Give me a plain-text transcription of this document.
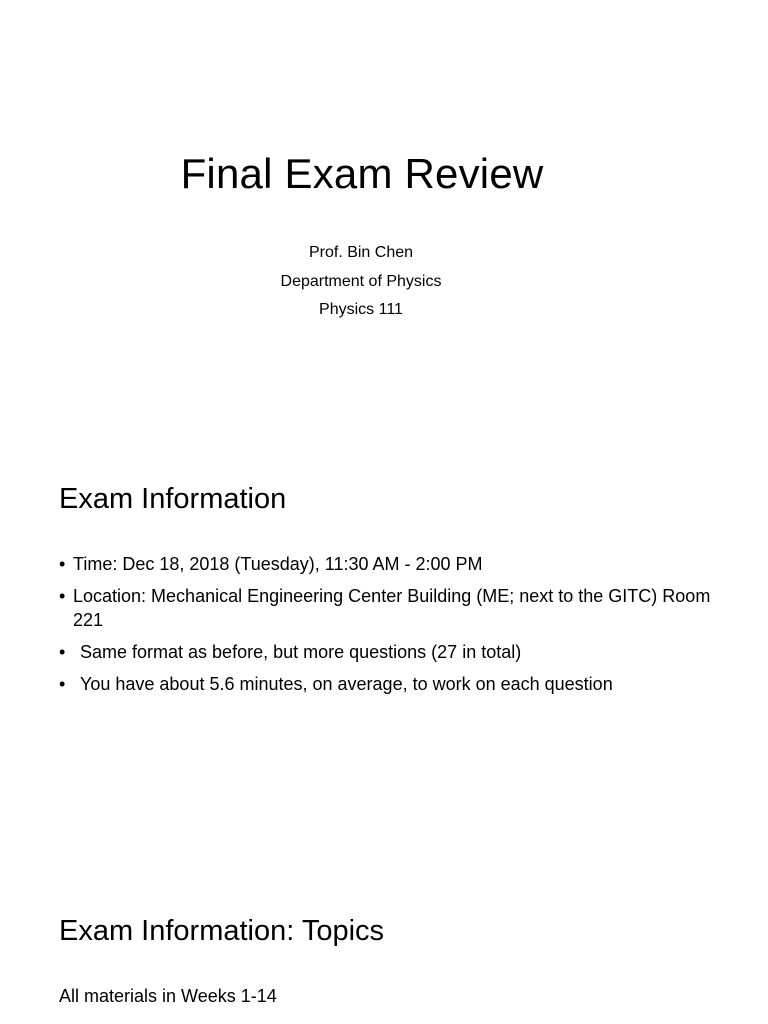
Final Exam Review
Prof. Bin Chen
Department of Physics
Physics 111
Exam Information
• Time: Dec 18, 2018 (Tuesday), 11:30 AM - 2:00 PM
• Location: Mechanical Engineering Center Building (ME; next to the GITC) Room 221
• Same format as before, but more questions (27 in total)
• You have about 5.6 minutes, on average, to work on each question
Exam Information: Topics
All materials in Weeks 1-14
